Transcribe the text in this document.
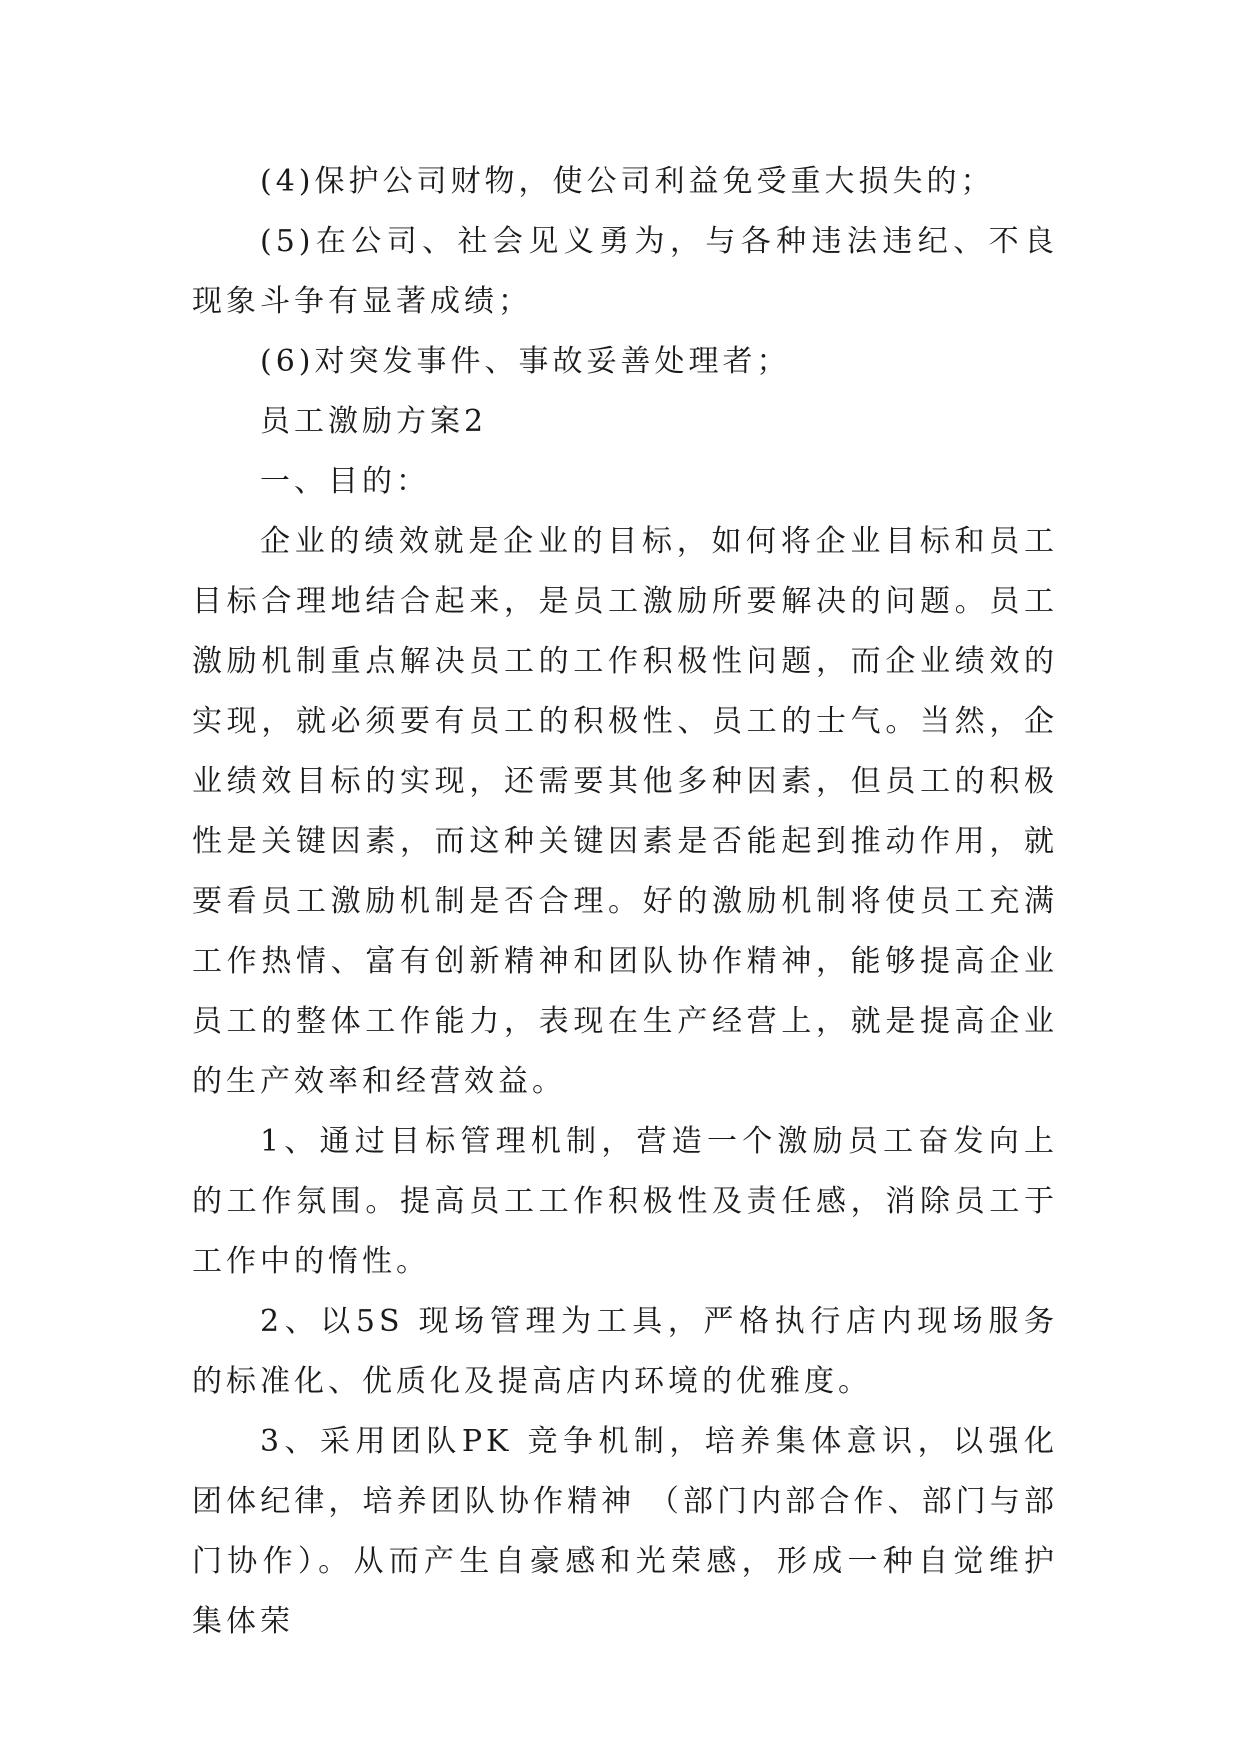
(4)保护公司财物，使公司利益免受重大损失的；

(5)在公司、社会见义勇为，与各种违法违纪、不良现象斗争有显著成绩；

(6)对突发事件、事故妥善处理者；

员工激励方案2

一、目的：

企业的绩效就是企业的目标，如何将企业目标和员工目标合理地结合起来，是员工激励所要解决的问题。员工激励机制重点解决员工的工作积极性问题，而企业绩效的实现，就必须要有员工的积极性、员工的士气。当然，企业绩效目标的实现，还需要其他多种因素，但员工的积极性是关键因素，而这种关键因素是否能起到推动作用，就要看员工激励机制是否合理。好的激励机制将使员工充满工作热情、富有创新精神和团队协作精神，能够提高企业员工的整体工作能力，表现在生产经营上，就是提高企业的生产效率和经营效益。

1、通过目标管理机制，营造一个激励员工奋发向上的工作氛围。提高员工工作积极性及责任感，消除员工于工作中的惰性。

2、以5S 现场管理为工具，严格执行店内现场服务的标准化、优质化及提高店内环境的优雅度。

3、采用团队PK 竞争机制，培养集体意识，以强化团体纪律，培养团队协作精神 （部门内部合作、部门与部门协作）。从而产生自豪感和光荣感，形成一种自觉维护集体荣
